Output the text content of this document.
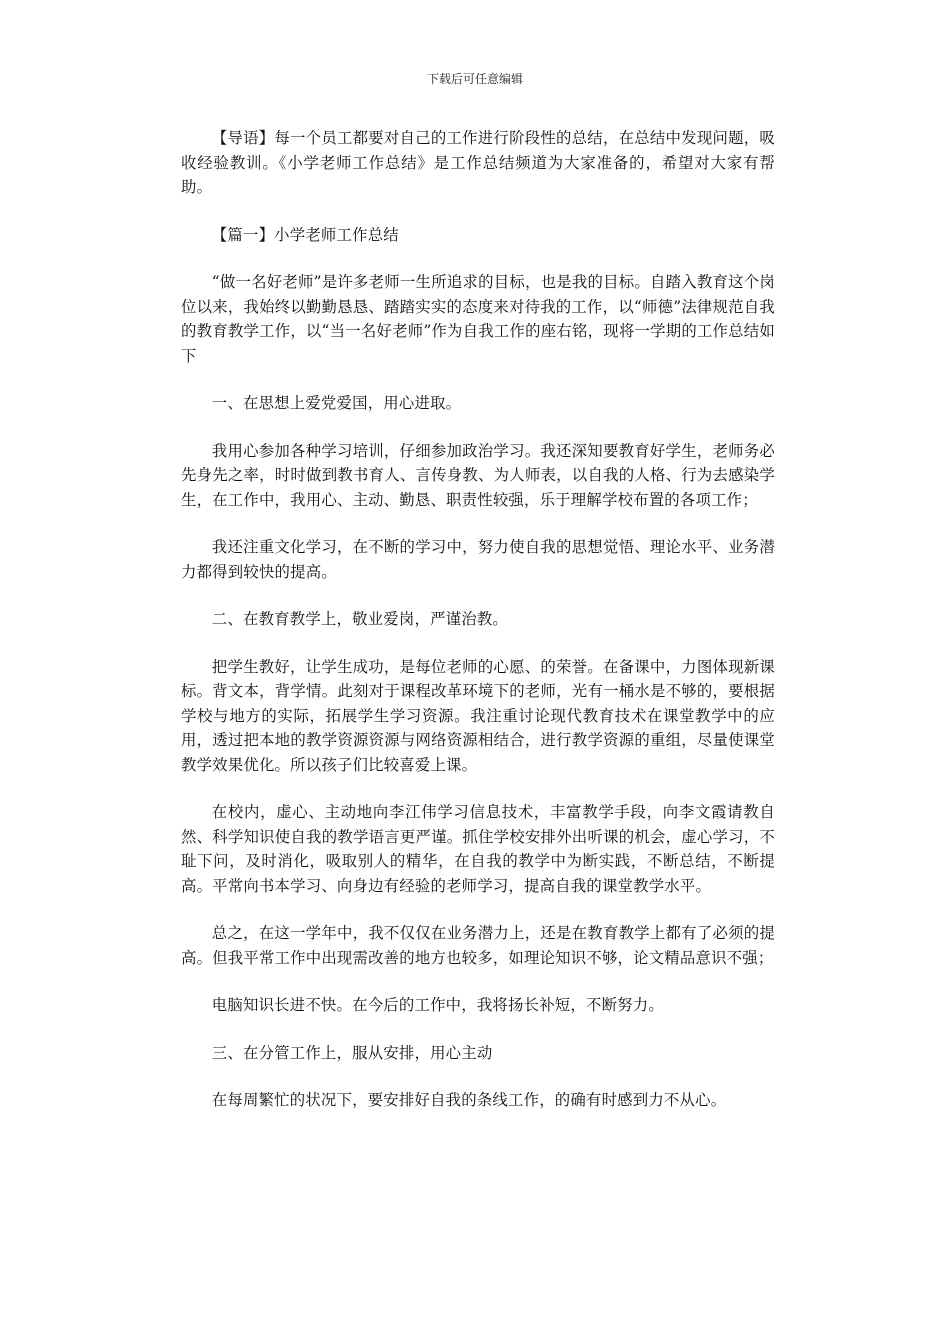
下载后可任意编辑

【导语】每一个员工都要对自己的工作进行阶段性的总结，在总结中发现问题，吸收经验教训。《小学老师工作总结》是工作总结频道为大家准备的，希望对大家有帮助。

【篇一】小学老师工作总结

“做一名好老师”是许多老师一生所追求的目标，也是我的目标。自踏入教育这个岗位以来，我始终以勤勤恳恳、踏踏实实的态度来对待我的工作，以“师德”法律规范自我的教育教学工作，以“当一名好老师”作为自我工作的座右铭，现将一学期的工作总结如下

一、在思想上爱党爱国，用心进取。

我用心参加各种学习培训，仔细参加政治学习。我还深知要教育好学生，老师务必先身先之率，时时做到教书育人、言传身教、为人师表，以自我的人格、行为去感染学生，在工作中，我用心、主动、勤恳、职责性较强，乐于理解学校布置的各项工作；

我还注重文化学习，在不断的学习中，努力使自我的思想觉悟、理论水平、业务潜力都得到较快的提高。

二、在教育教学上，敬业爱岗，严谨治教。

把学生教好，让学生成功，是每位老师的心愿、的荣誉。在备课中，力图体现新课标。背文本，背学情。此刻对于课程改革环境下的老师，光有一桶水是不够的，要根据学校与地方的实际，拓展学生学习资源。我注重讨论现代教育技术在课堂教学中的应用，透过把本地的教学资源资源与网络资源相结合，进行教学资源的重组，尽量使课堂教学效果优化。所以孩子们比较喜爱上课。

在校内，虚心、主动地向李江伟学习信息技术，丰富教学手段，向李文霞请教自然、科学知识使自我的教学语言更严谨。抓住学校安排外出听课的机会，虚心学习，不耻下问，及时消化，吸取别人的精华，在自我的教学中为断实践，不断总结，不断提高。平常向书本学习、向身边有经验的老师学习，提高自我的课堂教学水平。

总之，在这一学年中，我不仅仅在业务潜力上，还是在教育教学上都有了必须的提高。但我平常工作中出现需改善的地方也较多，如理论知识不够，论文精品意识不强；

电脑知识长进不快。在今后的工作中，我将扬长补短，不断努力。

三、在分管工作上，服从安排，用心主动

在每周繁忙的状况下，要安排好自我的条线工作，的确有时感到力不从心。
